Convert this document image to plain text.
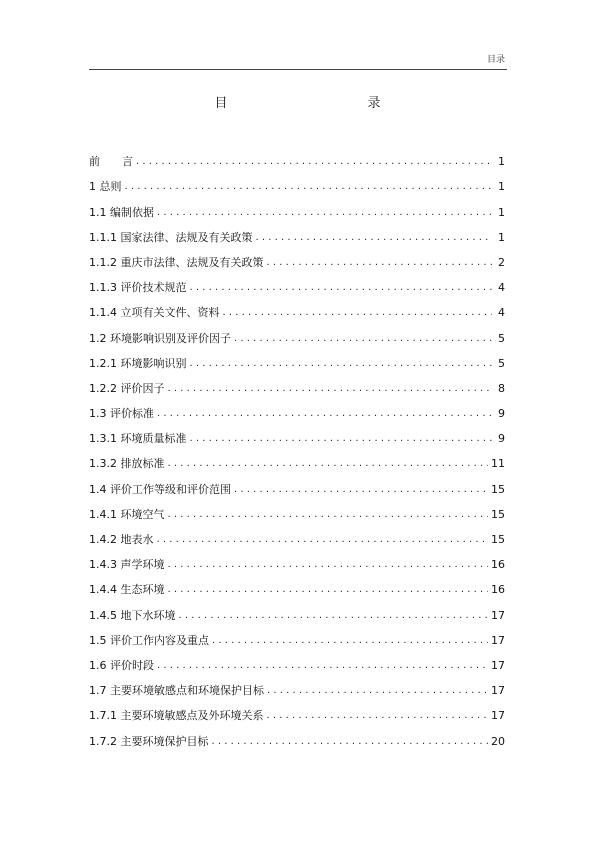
目录
目　　录
前　　言 .....	1
1 总则 .....	1
1.1 编制依据 .....	1
1.1.1 国家法律、法规及有关政策 .....	1
1.1.2 重庆市法律、法规及有关政策 .....	2
1.1.3 评价技术规范 .....	4
1.1.4 立项有关文件、资料 .....	4
1.2 环境影响识别及评价因子 .....	5
1.2.1 环境影响识别 .....	5
1.2.2 评价因子 .....	8
1.3 评价标准 .....	9
1.3.1 环境质量标准 .....	9
1.3.2 排放标准 .....	11
1.4 评价工作等级和评价范围 .....	15
1.4.1 环境空气 .....	15
1.4.2 地表水 .....	15
1.4.3 声学环境 .....	16
1.4.4 生态环境 .....	16
1.4.5 地下水环境 .....	17
1.5 评价工作内容及重点 .....	17
1.6 评价时段 .....	17
1.7 主要环境敏感点和环境保护目标 .....	17
1.7.1 主要环境敏感点及外环境关系 .....	17
1.7.2 主要环境保护目标 .....	20
